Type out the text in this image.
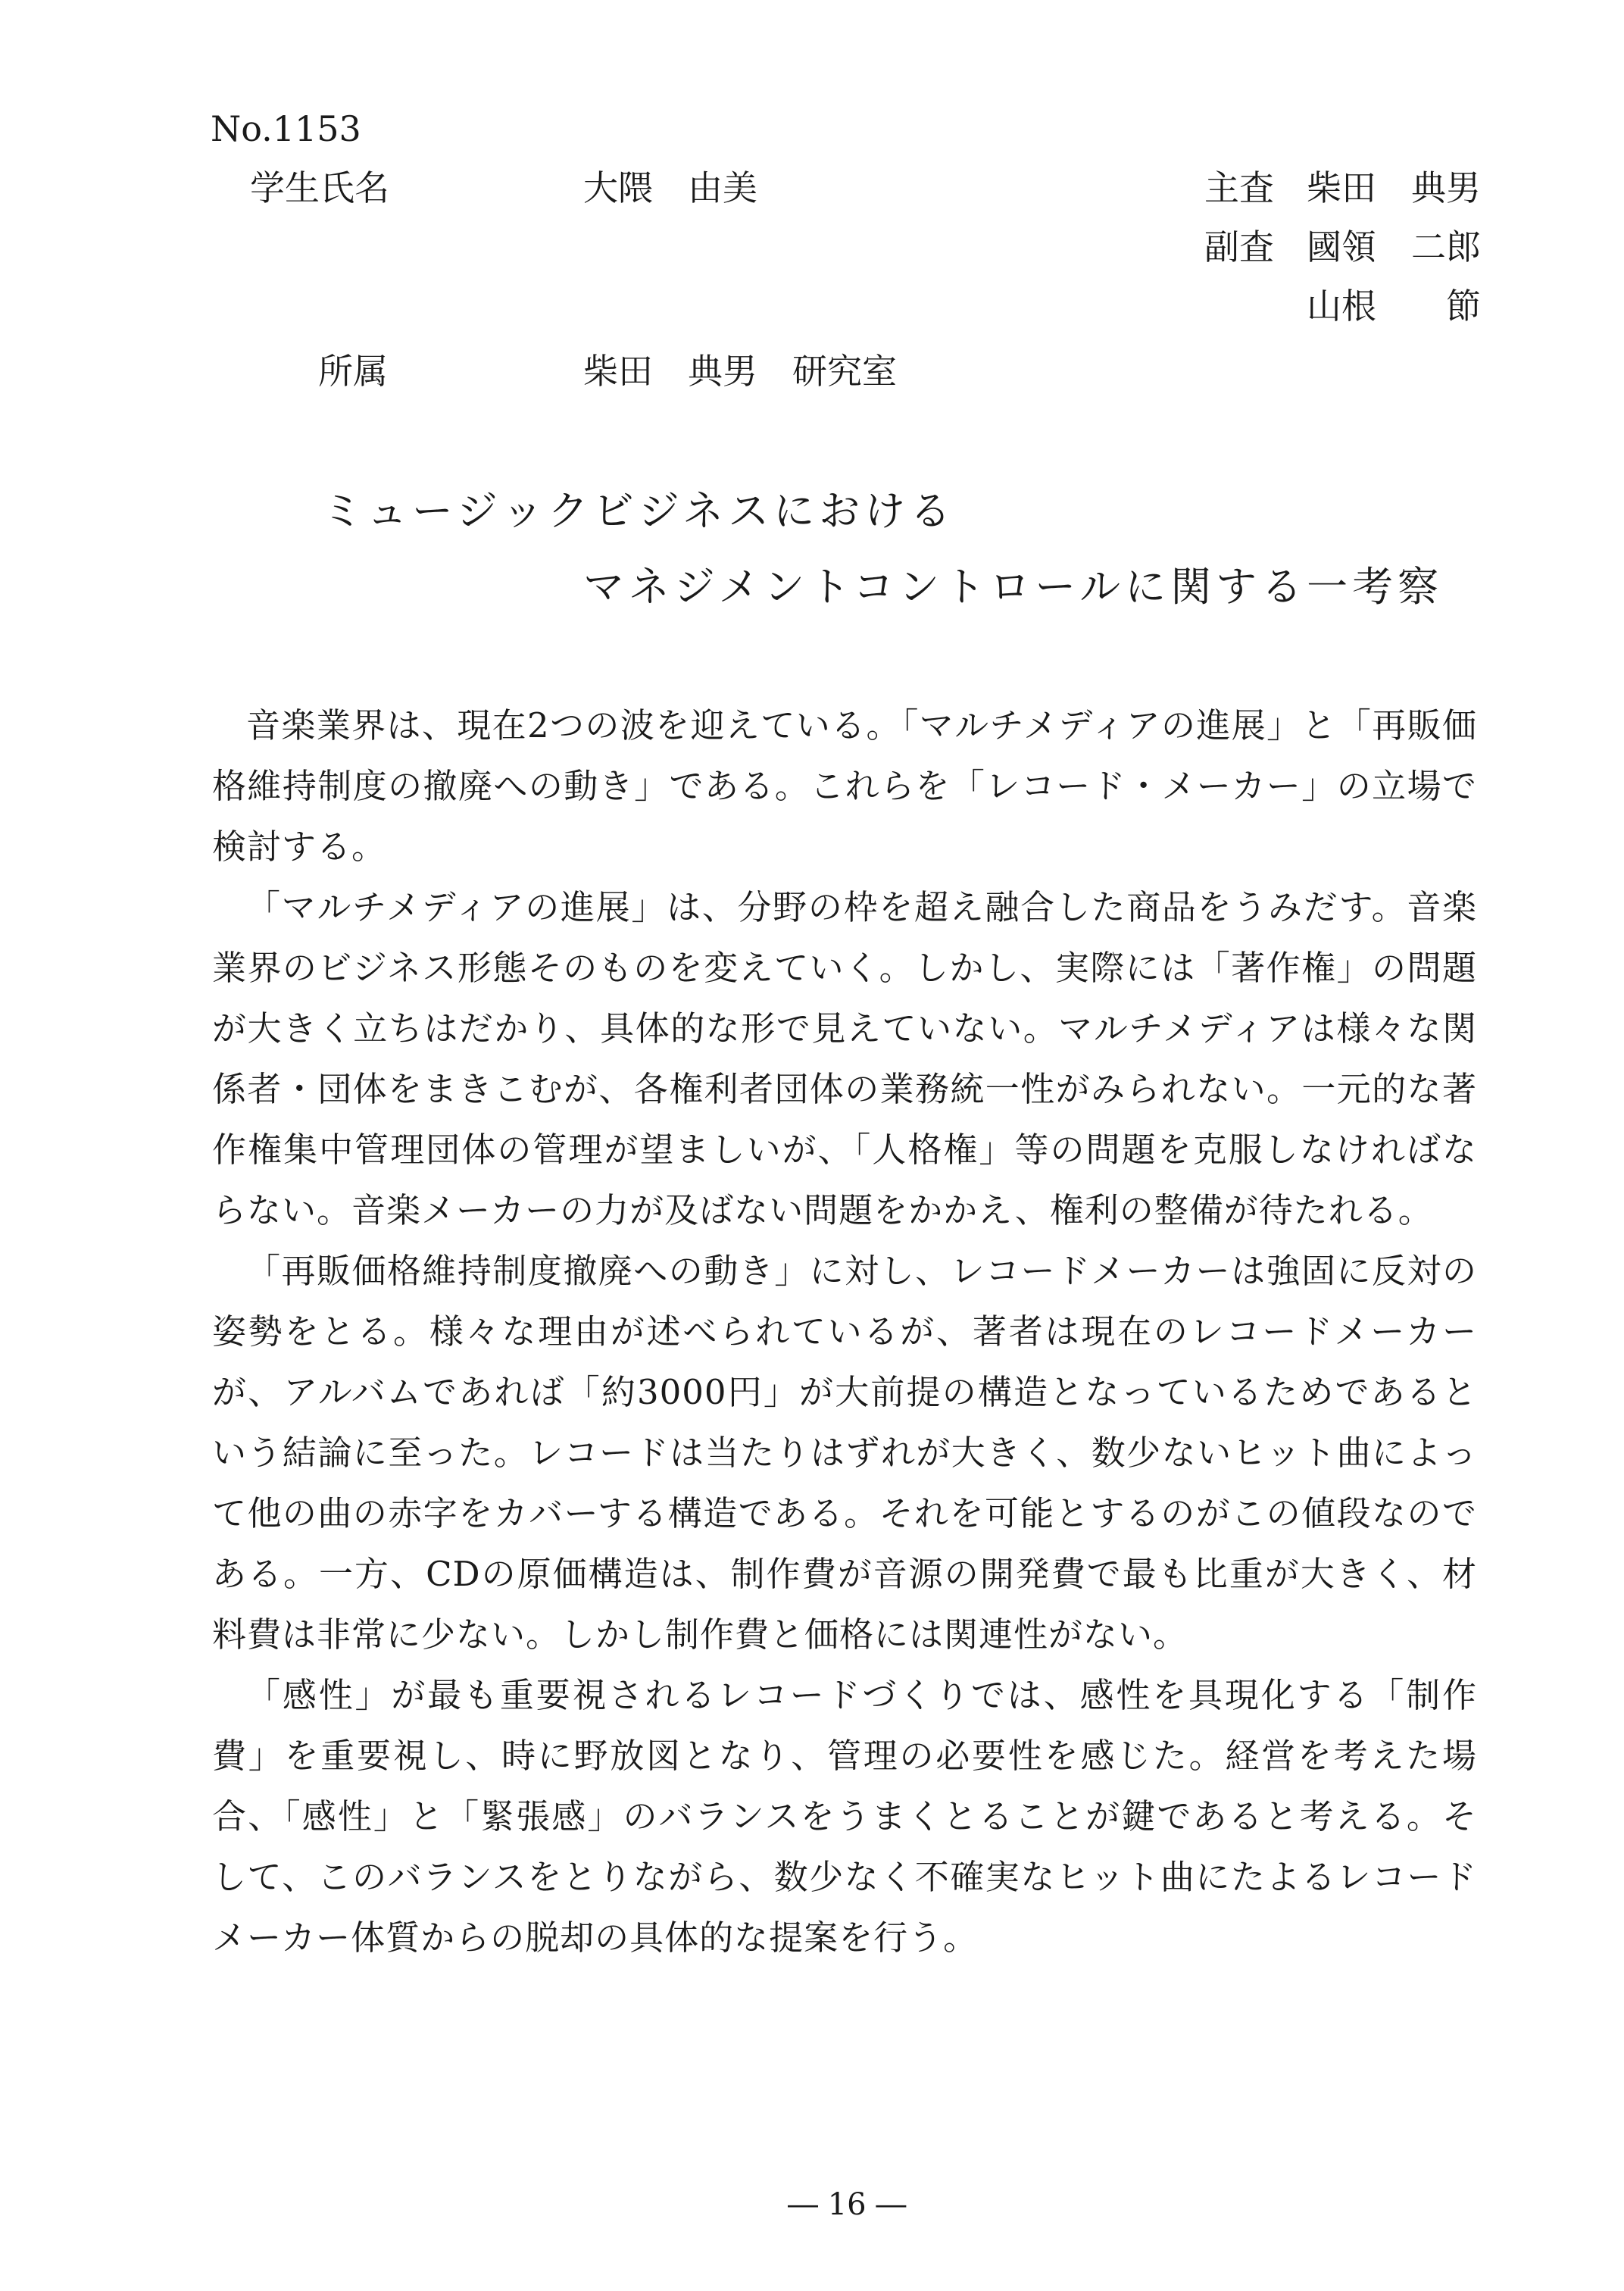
No.1153
学生氏名	大隈　由美	主査 柴田　典男
副査 國領　二郎
山根　　節
所属	柴田　典男　研究室
ミュージックビジネスにおける
マネジメントコントロールに関する一考察

音楽業界は、現在2つの波を迎えている。「マルチメディアの進展」と「再販価格維持制度の撤廃への動き」である。これらを「レコード・メーカー」の立場で検討する。

「マルチメディアの進展」は、分野の枠を超え融合した商品をうみだす。音楽業界のビジネス形態そのものを変えていく。しかし、実際には「著作権」の問題が大きく立ちはだかり、具体的な形で見えていない。マルチメディアは様々な関係者・団体をまきこむが、各権利者団体の業務統一性がみられない。一元的な著作権集中管理団体の管理が望ましいが、「人格権」等の問題を克服しなければならない。音楽メーカーの力が及ばない問題をかかえ、権利の整備が待たれる。

「再販価格維持制度撤廃への動き」に対し、レコードメーカーは強固に反対の姿勢をとる。様々な理由が述べられているが、著者は現在のレコードメーカーが、アルバムであれば「約3000円」が大前提の構造となっているためであるという結論に至った。レコードは当たりはずれが大きく、数少ないヒット曲によって他の曲の赤字をカバーする構造である。それを可能とするのがこの値段なのである。一方、CDの原価構造は、制作費が音源の開発費で最も比重が大きく、材料費は非常に少ない。しかし制作費と価格には関連性がない。

「感性」が最も重要視されるレコードづくりでは、感性を具現化する「制作費」を重要視し、時に野放図となり、管理の必要性を感じた。経営を考えた場合、「感性」と「緊張感」のバランスをうまくとることが鍵であると考える。そして、このバランスをとりながら、数少なく不確実なヒット曲にたよるレコードメーカー体質からの脱却の具体的な提案を行う。

― 16 ―
